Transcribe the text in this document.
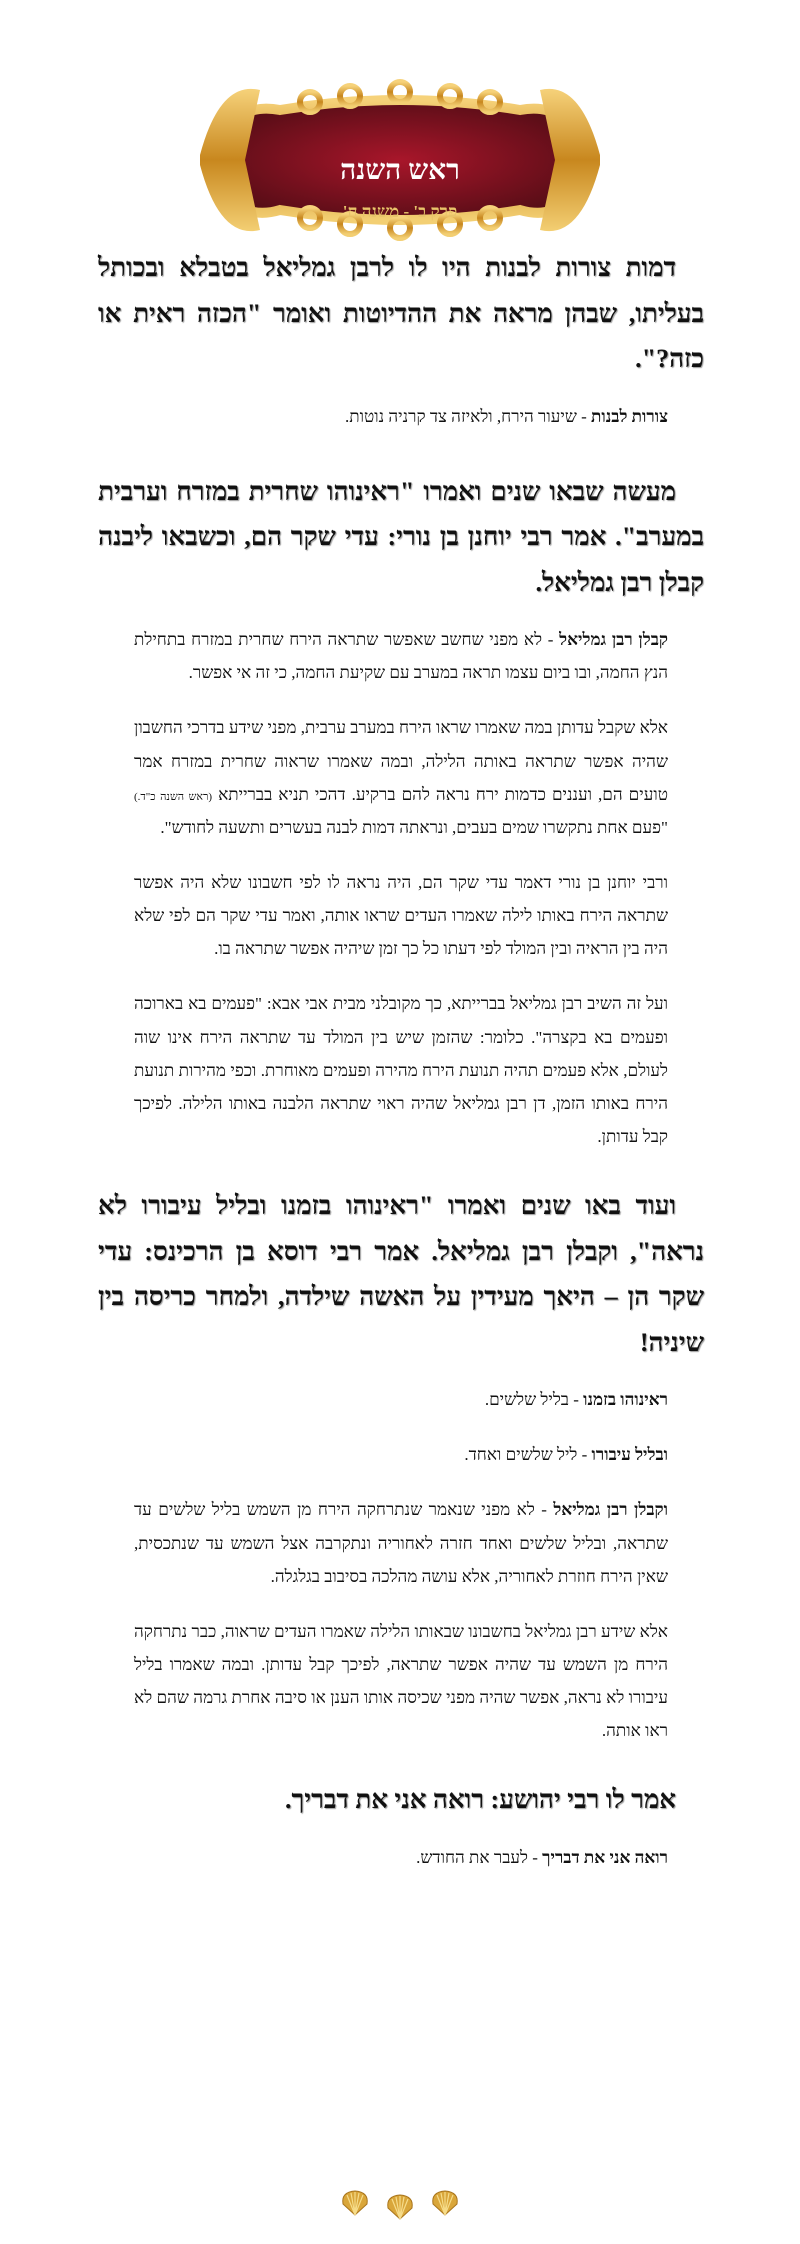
ראש השנה
פרק ב' - משנה ח'

דמות צורות לבנות היו לו לרבן גמליאל בטבלא ובכותל בעליתו, שבהן מראה את ההדיוטות ואומר "הכזה ראית או כזה?".

צורות לבנות - שיעור הירח, ולאיזה צד קרניה נוטות.

מעשה שבאו שנים ואמרו "ראינוהו שחרית במזרח וערבית במערב". אמר רבי יוחנן בן נורי: עדי שקר הם, וכשבאו ליבנה קבלן רבן גמליאל.

קבלן רבן גמליאל - לא מפני שחשב שאפשר שתראה הירח שחרית במזרח בתחילת הנץ החמה, ובו ביום עצמו תראה במערב עם שקיעת החמה, כי זה אי אפשר.

אלא שקבל עדותן במה שאמרו שראו הירח במערב ערבית, מפני שידע בדרכי החשבון שהיה אפשר שתראה באותה הלילה, ובמה שאמרו שראוה שחרית במזרח אמר טועים הם, ועננים כדמות ירח נראה להם ברקיע. דהכי תניא בברייתא (ראש השנה כ"ד.) "פעם אחת נתקשרו שמים בעבים, ונראתה דמות לבנה בעשרים ותשעה לחודש".

ורבי יוחנן בן נורי דאמר עדי שקר הם, היה נראה לו לפי חשבונו שלא היה אפשר שתראה הירח באותו לילה שאמרו העדים שראו אותה, ואמר עדי שקר הם לפי שלא היה בין הראיה ובין המולד לפי דעתו כל כך זמן שיהיה אפשר שתראה בו.

ועל זה השיב רבן גמליאל בברייתא, כך מקובלני מבית אבי אבא: "פעמים בא בארוכה ופעמים בא בקצרה". כלומר: שהזמן שיש בין המולד עד שתראה הירח אינו שוה לעולם, אלא פעמים תהיה תנועת הירח מהירה ופעמים מאוחרת. וכפי מהירות תנועת הירח באותו הזמן, דן רבן גמליאל שהיה ראוי שתראה הלבנה באותו הלילה. לפיכך קבל עדותן.

ועוד באו שנים ואמרו "ראינוהו בזמנו ובליל עיבורו לא נראה", וקבלן רבן גמליאל. אמר רבי דוסא בן הרכינס: עדי שקר הן – היאך מעידין על האשה שילדה, ולמחר כריסה בין שיניה!

ראינוהו בזמנו - בליל שלשים.

ובליל עיבורו - ליל שלשים ואחד.

וקבלן רבן גמליאל - לא מפני שנאמר שנתרחקה הירח מן השמש בליל שלשים עד שתראה, ובליל שלשים ואחד חזרה לאחוריה ונתקרבה אצל השמש עד שנתכסית, שאין הירח חוזרת לאחוריה, אלא עושה מהלכה בסיבוב בגלגלה.

אלא שידע רבן גמליאל בחשבונו שבאותו הלילה שאמרו העדים שראוה, כבר נתרחקה הירח מן השמש עד שהיה אפשר שתראה, לפיכך קבל עדותן. ובמה שאמרו בליל עיבורו לא נראה, אפשר שהיה מפני שכיסה אותו הענן או סיבה אחרת גרמה שהם לא ראו אותה.

אמר לו רבי יהושע: רואה אני את דבריך.

רואה אני את דבריך - לעבר את החודש.
